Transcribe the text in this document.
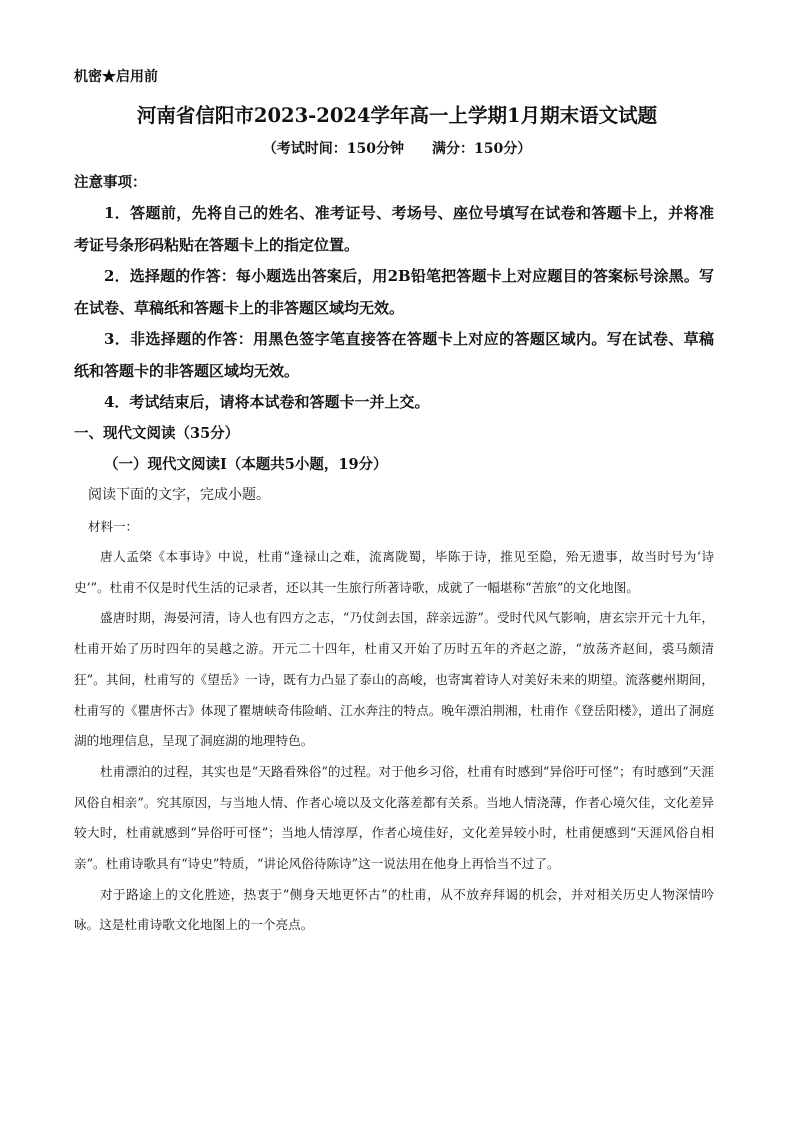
机密★启用前
河南省信阳市2023-2024学年高一上学期1月期末语文试题
（考试时间：150分钟　　满分：150分）
注意事项：

1．答题前，先将自己的姓名、准考证号、考场号、座位号填写在试卷和答题卡上，并将准考证号条形码粘贴在答题卡上的指定位置。

2．选择题的作答：每小题选出答案后，用2B铅笔把答题卡上对应题目的答案标号涂黑。写在试卷、草稿纸和答题卡上的非答题区域均无效。

3．非选择题的作答：用黑色签字笔直接答在答题卡上对应的答题区域内。写在试卷、草稿纸和答题卡的非答题区域均无效。

4．考试结束后，请将本试卷和答题卡一并上交。

一、现代文阅读（35分）
（一）现代文阅读Ⅰ（本题共5小题，19分）
阅读下面的文字，完成小题。
材料一：

唐人孟棨《本事诗》中说，杜甫“逢禄山之难，流离陇蜀，毕陈于诗，推见至隐，殆无遗事，故当时号为‘诗史’”。杜甫不仅是时代生活的记录者，还以其一生旅行所著诗歌，成就了一幅堪称“苦旅”的文化地图。

盛唐时期，海晏河清，诗人也有四方之志，“乃仗剑去国，辞亲远游”。受时代风气影响，唐玄宗开元十九年，杜甫开始了历时四年的吴越之游。开元二十四年，杜甫又开始了历时五年的齐赵之游，“放荡齐赵间，裘马颇清狂”。其间，杜甫写的《望岳》一诗，既有力凸显了泰山的高峻，也寄寓着诗人对美好未来的期望。流落夔州期间，杜甫写的《瞿唐怀古》体现了瞿塘峡奇伟险峭、江水奔注的特点。晚年漂泊荆湘，杜甫作《登岳阳楼》，道出了洞庭湖的地理信息，呈现了洞庭湖的地理特色。

杜甫漂泊的过程，其实也是“天路看殊俗”的过程。对于他乡习俗，杜甫有时感到“异俗吁可怪”；有时感到“天涯风俗自相亲”。究其原因，与当地人情、作者心境以及文化落差都有关系。当地人情浇薄，作者心境欠佳，文化差异较大时，杜甫就感到“异俗吁可怪”；当地人情淳厚，作者心境佳好，文化差异较小时，杜甫便感到“天涯风俗自相亲”。杜甫诗歌具有“诗史”特质，“讲论风俗待陈诗”这一说法用在他身上再恰当不过了。

对于路途上的文化胜迹，热衷于“侧身天地更怀古”的杜甫，从不放弃拜谒的机会，并对相关历史人物深情吟咏。这是杜甫诗歌文化地图上的一个亮点。
